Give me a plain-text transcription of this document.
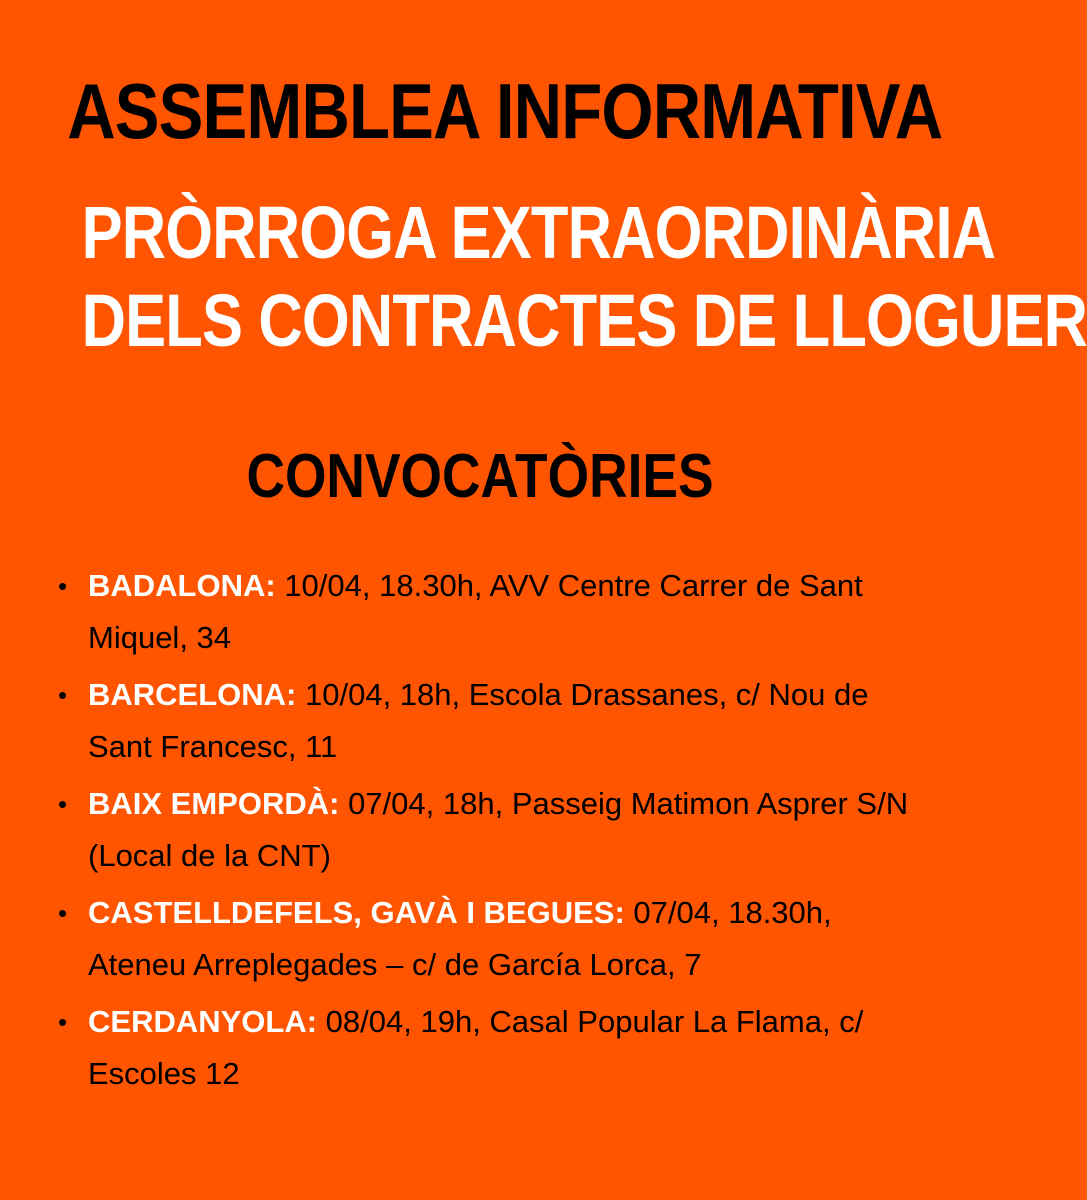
ASSEMBLEA INFORMATIVA
PRÒRROGA EXTRAORDINÀRIA
DELS CONTRACTES DE LLOGUER
CONVOCATÒRIES
• BADALONA: 10/04, 18.30h, AVV Centre Carrer de Sant Miquel, 34
• BARCELONA: 10/04, 18h, Escola Drassanes, c/ Nou de Sant Francesc, 11
• BAIX EMPORDÀ: 07/04, 18h, Passeig Matimon Asprer S/N (Local de la CNT)
• CASTELLDEFELS, GAVÀ I BEGUES: 07/04, 18.30h, Ateneu Arreplegades – c/ de García Lorca, 7
• CERDANYOLA: 08/04, 19h, Casal Popular La Flama, c/ Escoles 12
